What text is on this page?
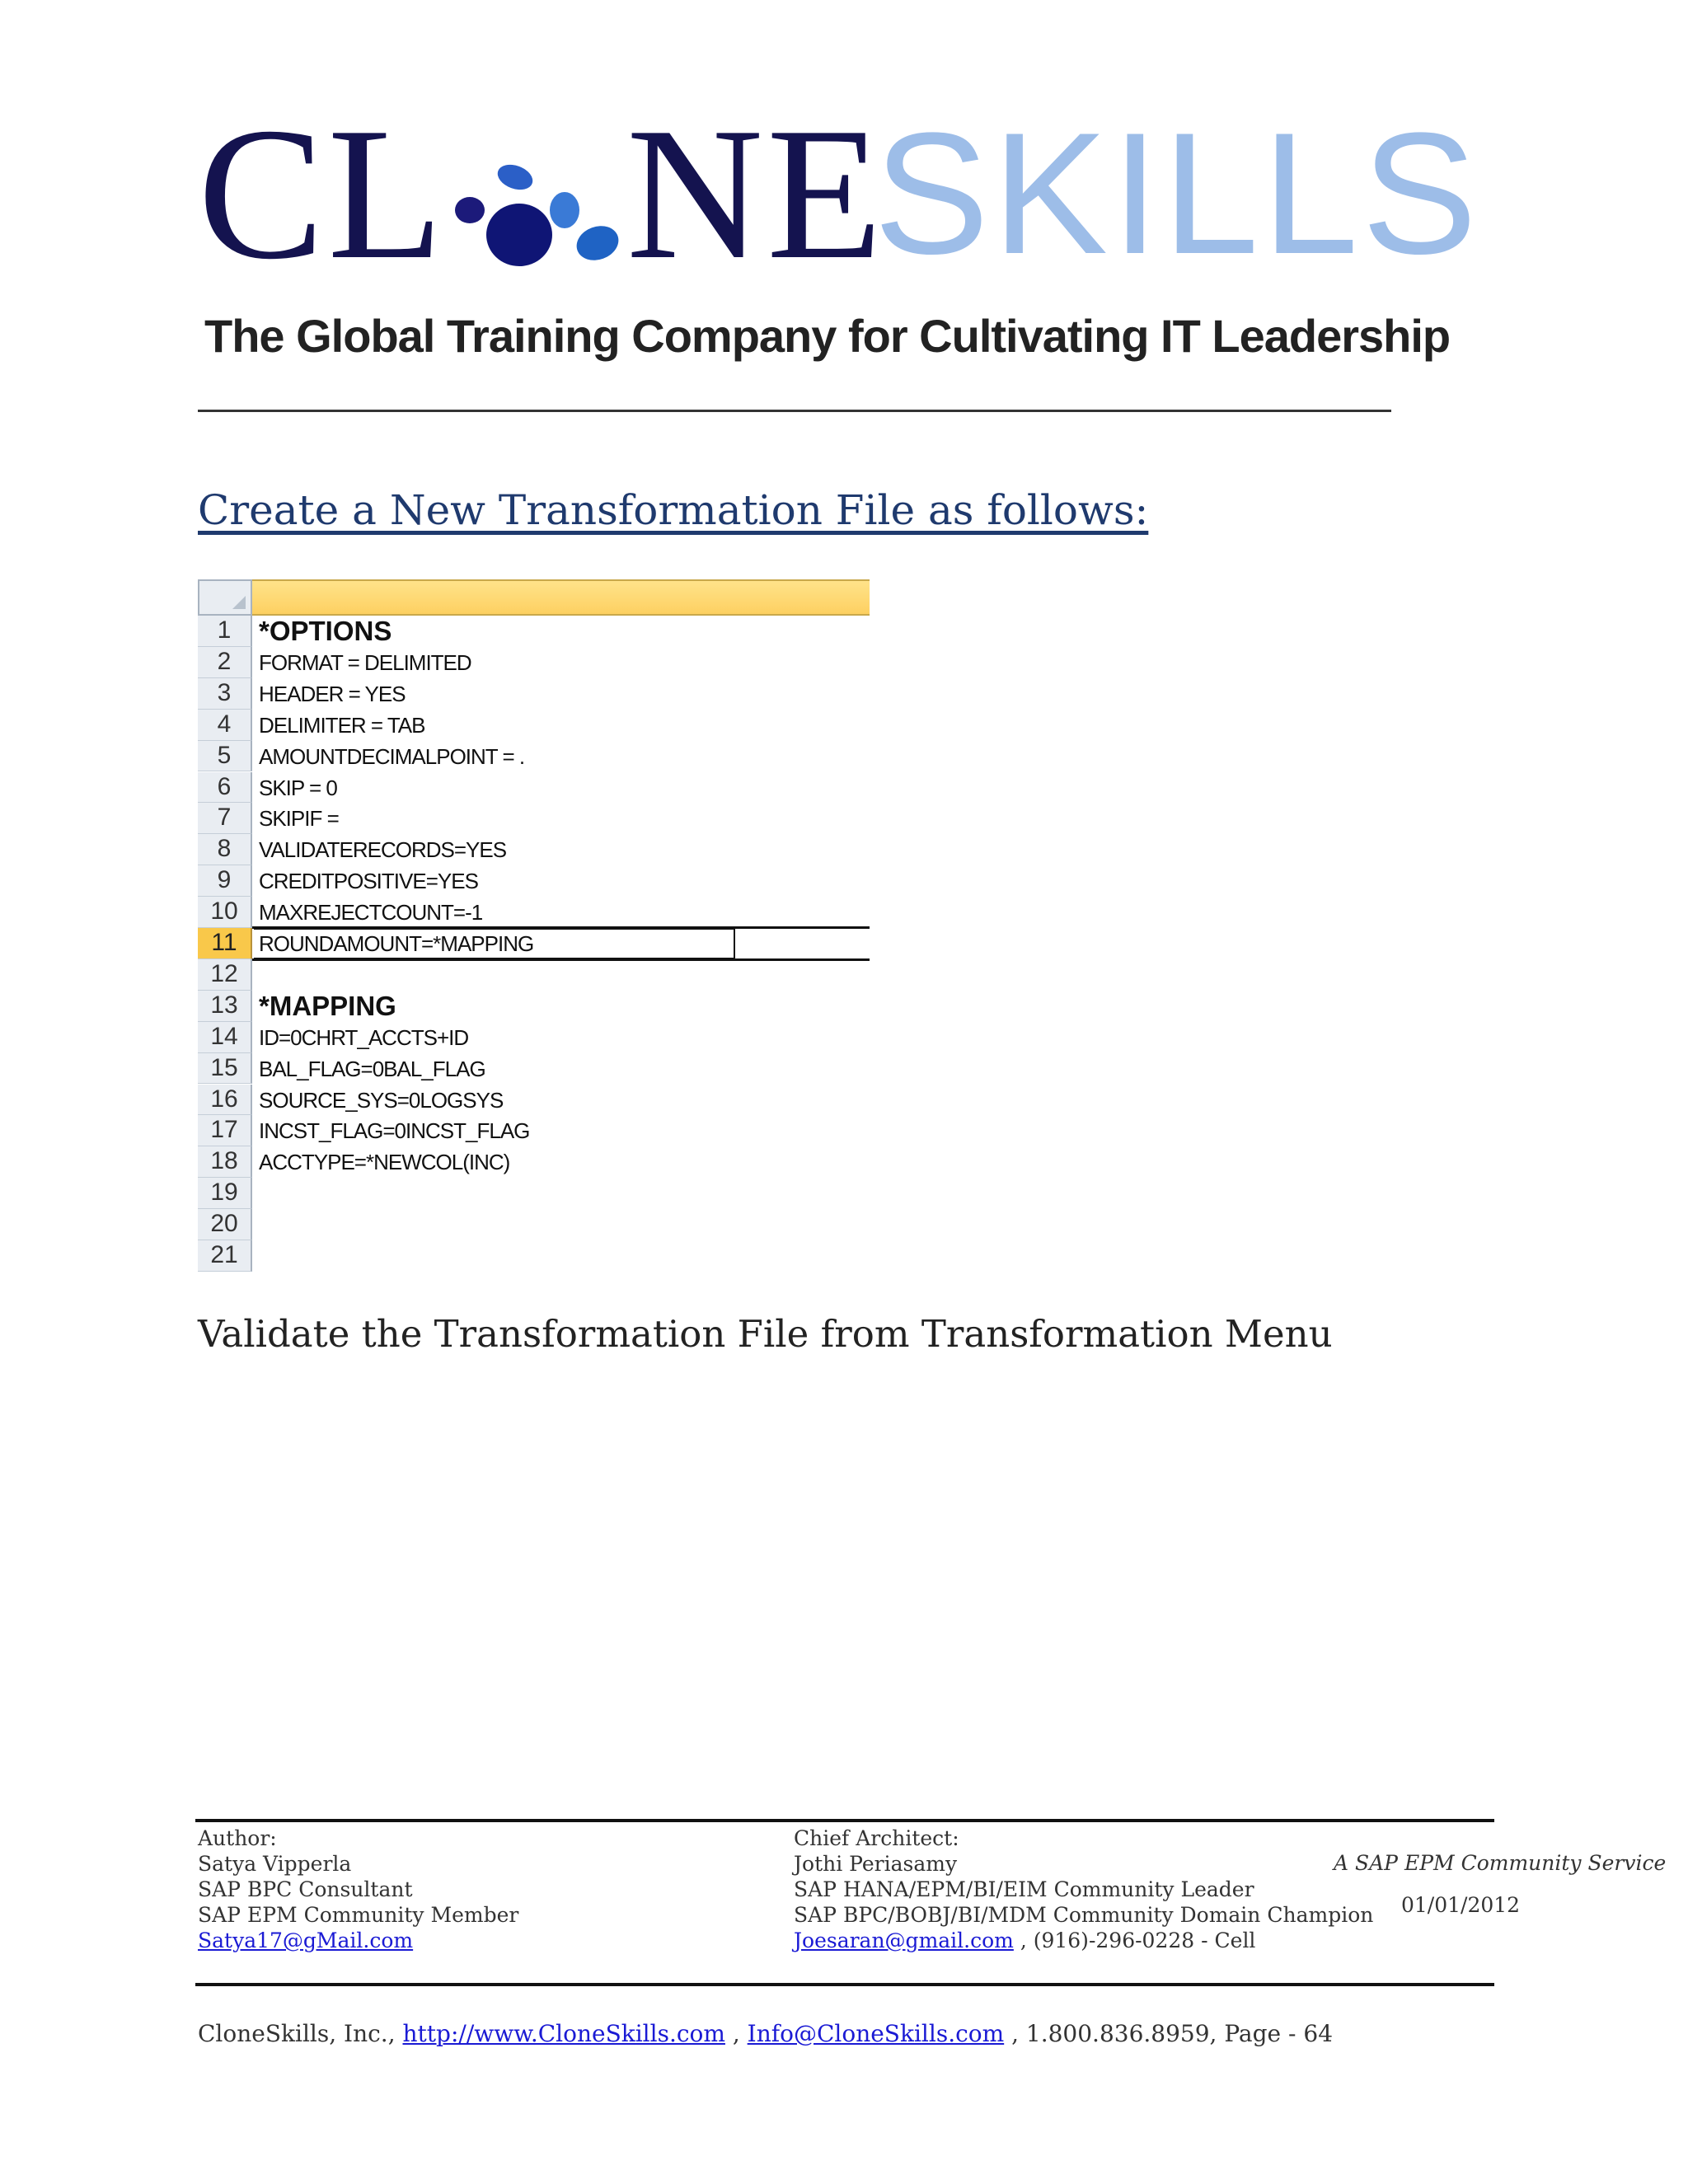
CL NE
SKILLS
The Global Training Company for Cultivating IT Leadership
Create a New Transformation File as follows:
1	*OPTIONS
2	FORMAT = DELIMITED
3	HEADER = YES
4	DELIMITER = TAB
5	AMOUNTDECIMALPOINT = .
6	SKIP = 0
7	SKIPIF =
8	VALIDATERECORDS=YES
9	CREDITPOSITIVE=YES
10 MAXREJECTCOUNT=-1
11	ROUNDAMOUNT=*MAPPING
12
13 *MAPPING
14 ID=0CHRT_ACCTS+ID
15 BAL_FLAG=0BAL_FLAG
16 SOURCE_SYS=0LOGSYS
17 INCST_FLAG=0INCST_FLAG
18 ACCTYPE=*NEWCOL(INC)
19
20
21
Validate the Transformation File from Transformation Menu
Author:
Satya Vipperla
SAP BPC Consultant
SAP EPM Community Member
Satya17@gMail.com
Chief Architect:
Jothi Periasamy
SAP HANA/EPM/BI/EIM Community Leader
SAP BPC/BOBJ/BI/MDM Community Domain Champion
Joesaran@gmail.com , (916)-296-0228 - Cell
A SAP EPM Community Service
01/01/2012
CloneSkills, Inc., http://www.CloneSkills.com , Info@CloneSkills.com , 1.800.836.8959, Page - 64
